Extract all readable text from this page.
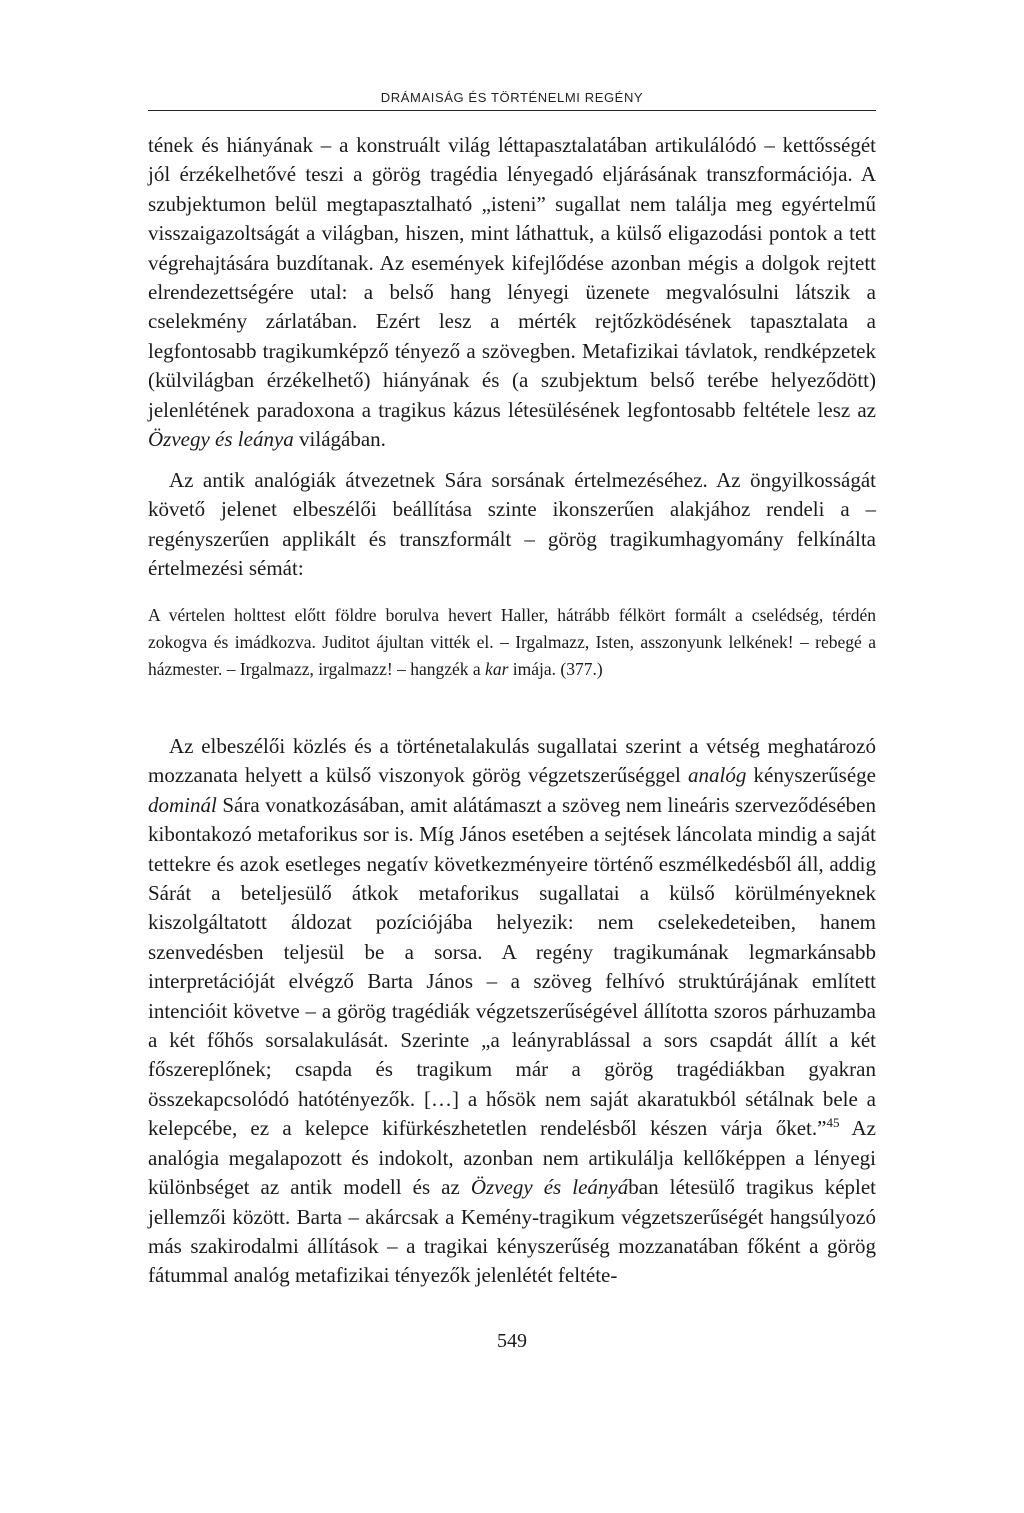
DRÁMAISÁG ÉS TÖRTÉNELMI REGÉNY

tének és hiányának – a konstruált világ léttapasztalatában artikulálódó – kettősségét jól érzékelhetővé teszi a görög tragédia lényegadó eljárásának transzformációja. A szubjektumon belül megtapasztalható „isteni” sugallat nem találja meg egyértelmű visszaigazoltságát a világban, hiszen, mint láthattuk, a külső eligazodási pontok a tett végrehajtására buzdítanak. Az események kifejlődése azonban mégis a dolgok rejtett elrendezettségére utal: a belső hang lényegi üzenete megvalósulni látszik a cselekmény zárlatában. Ezért lesz a mérték rejtőzködésének tapasztalata a legfontosabb tragikumképző tényező a szövegben. Metafizikai távlatok, rendképzetek (külvilágban érzékelhető) hiányának és (a szubjektum belső terébe helyeződött) jelenlétének paradoxona a tragikus kázus létesülésének legfontosabb feltétele lesz az Özvegy és leánya világában.

Az antik analógiák átvezetnek Sára sorsának értelmezéséhez. Az öngyilkosságát követő jelenet elbeszélői beállítása szinte ikonszerűen alakjához rendeli a – regényszerűen applikált és transzformált – görög tragikumhagyomány felkínálta értelmezési sémát:

A vértelen holttest előtt földre borulva hevert Haller, hátrább félkört formált a cselédség, térdén zokogva és imádkozva. Juditot ájultan vitték el. – Irgalmazz, Isten, asszonyunk lelkének! – rebegé a házmester. – Irgalmazz, irgalmazz! – hangzék a kar imája. (377.)

Az elbeszélői közlés és a történetalakulás sugallatai szerint a vétség meghatározó mozzanata helyett a külső viszonyok görög végzetszerűséggel analóg kényszerűsége dominál Sára vonatkozásában, amit alátámaszt a szöveg nem lineáris szerveződésében kibontakozó metaforikus sor is. Míg János esetében a sejtések láncolata mindig a saját tettekre és azok esetleges negatív következményeire történő eszmélkedésből áll, addig Sárát a beteljesülő átkok metaforikus sugallatai a külső körülményeknek kiszolgáltatott áldozat pozíciójába helyezik: nem cselekedeteiben, hanem szenvedésben teljesül be a sorsa. A regény tragikumának legmarkánsabb interpretációját elvégző Barta János – a szöveg felhívó struktúrájának említett intencióit követve – a görög tragédiák végzetszerűségével állította szoros párhuzamba a két főhős sorsalakulását. Szerinte „a leányrablással a sors csapdát állít a két főszereplőnek; csapda és tragikum már a görög tragédiákban gyakran összekapcsolódó hatótényezők. […] a hősök nem saját akaratukból sétálnak bele a kelepcébe, ez a kelepce kifürkészhetetlen rendelésből készen várja őket.”$^{45}$ Az analógia megalapozott és indokolt, azonban nem artikulálja kellőképpen a lényegi különbséget az antik modell és az Özvegy és leányában létesülő tragikus képlet jellemzői között. Barta – akárcsak a Kemény-tragikum végzetszerűségét hangsúlyozó más szakirodalmi állítások – a tragikai kényszerűség mozzanatában főként a görög fátummal analóg metafizikai tényezők jelenlétét feltéte-

549
